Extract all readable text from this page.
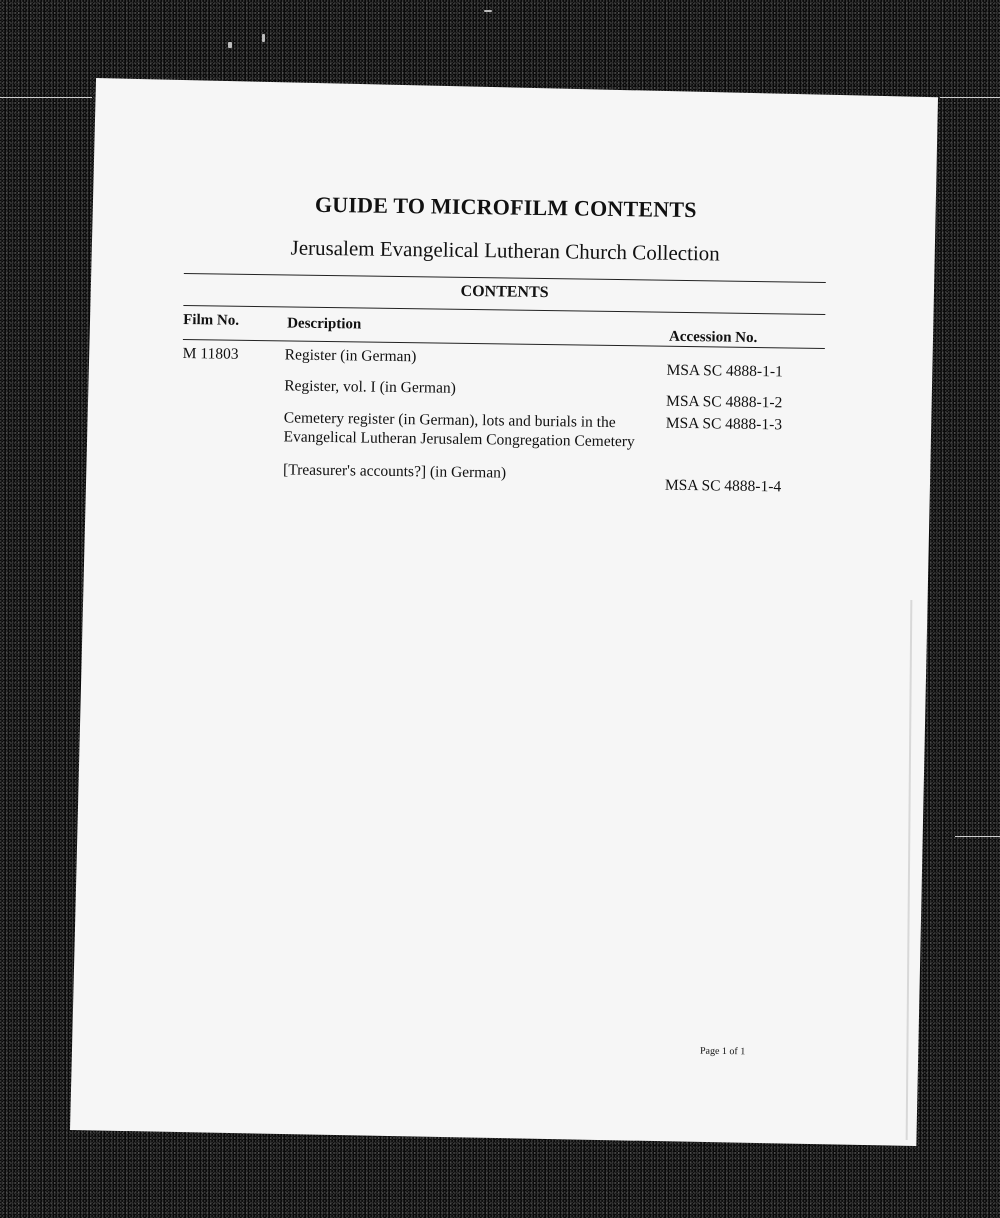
GUIDE TO MICROFILM CONTENTS
Jerusalem Evangelical Lutheran Church Collection
CONTENTS
Film No.	Description
Accession No.
M 11803	Register (in German)
MSA SC 4888-1-1
Register, vol. I (in German)
MSA SC 4888-1-2
Cemetery register (in German), lots and burials in the Evangelical Lutheran Jerusalem Congregation Cemetery
MSA SC 4888-1-3
[Treasurer's accounts?] (in German)
MSA SC 4888-1-4
Page 1 of 1
